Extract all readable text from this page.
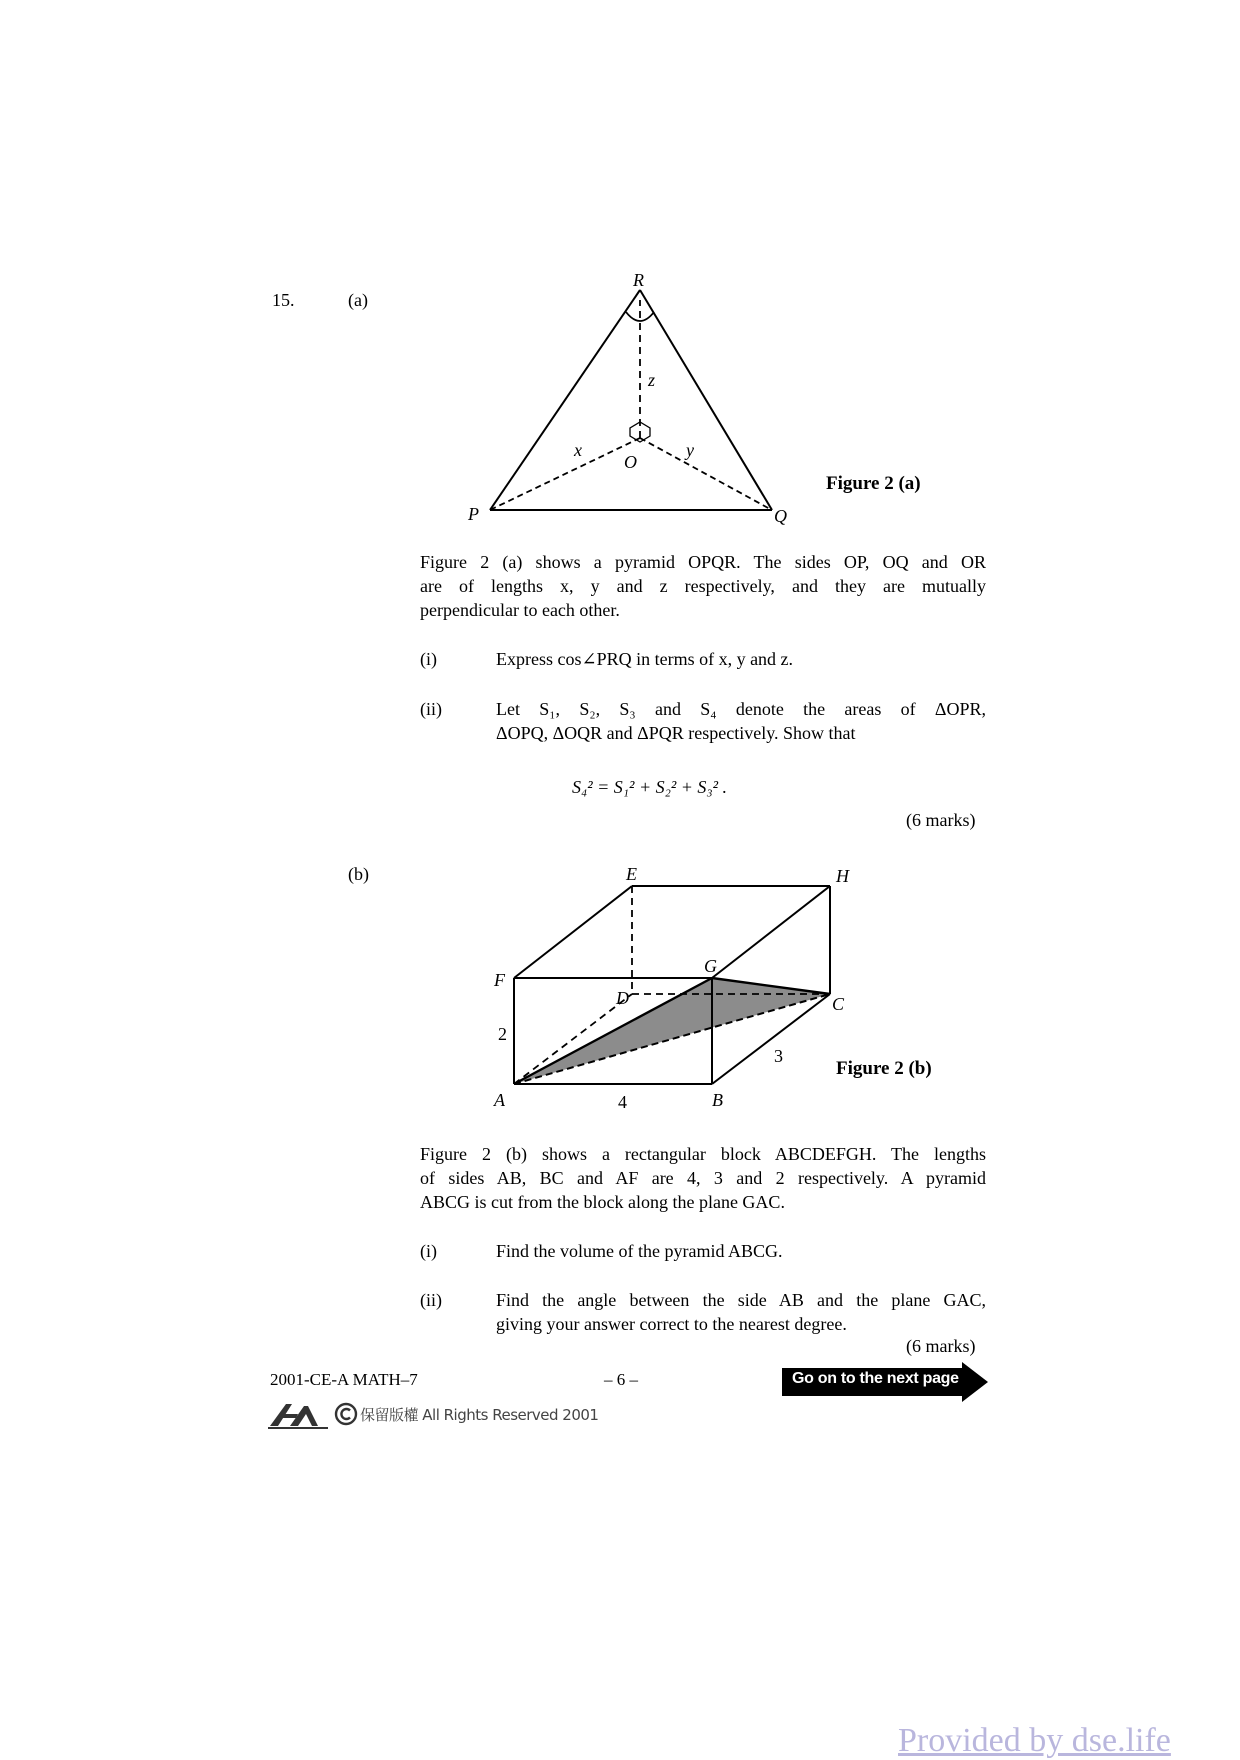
15.	(a)
(b)
R
P	Q
O
x	y
z
Figure 2 (a)
Figure 2 (a) shows a pyramid OPQR. The sides OP, OQ and OR
are of lengths x, y and z respectively, and they are mutually
perpendicular to each other.
(i)	Express cos∠PRQ in terms of x, y and z.
(ii)	Let S₁, S₂, S₃ and S₄ denote the areas of ΔOPR,
ΔOPQ, ΔOQR and ΔPQR respectively. Show that
S₄² = S₁² + S₂² + S₃² .
(6 marks)
A	B
C
D
E
F
G
H
4
3
2
Figure 2 (b)
Figure 2 (b) shows a rectangular block ABCDEFGH. The lengths
of sides AB, BC and AF are 4, 3 and 2 respectively. A pyramid
ABCG is cut from the block along the plane GAC.
(i)	Find the volume of the pyramid ABCG.
(ii)	Find the angle between the side AB and the plane GAC,
giving your answer correct to the nearest degree.
(6 marks)
2001-CE-A MATH–7	– 6 –	Go on to the next page
保留版權 All Rights Reserved 2001
Provided by dse.life
